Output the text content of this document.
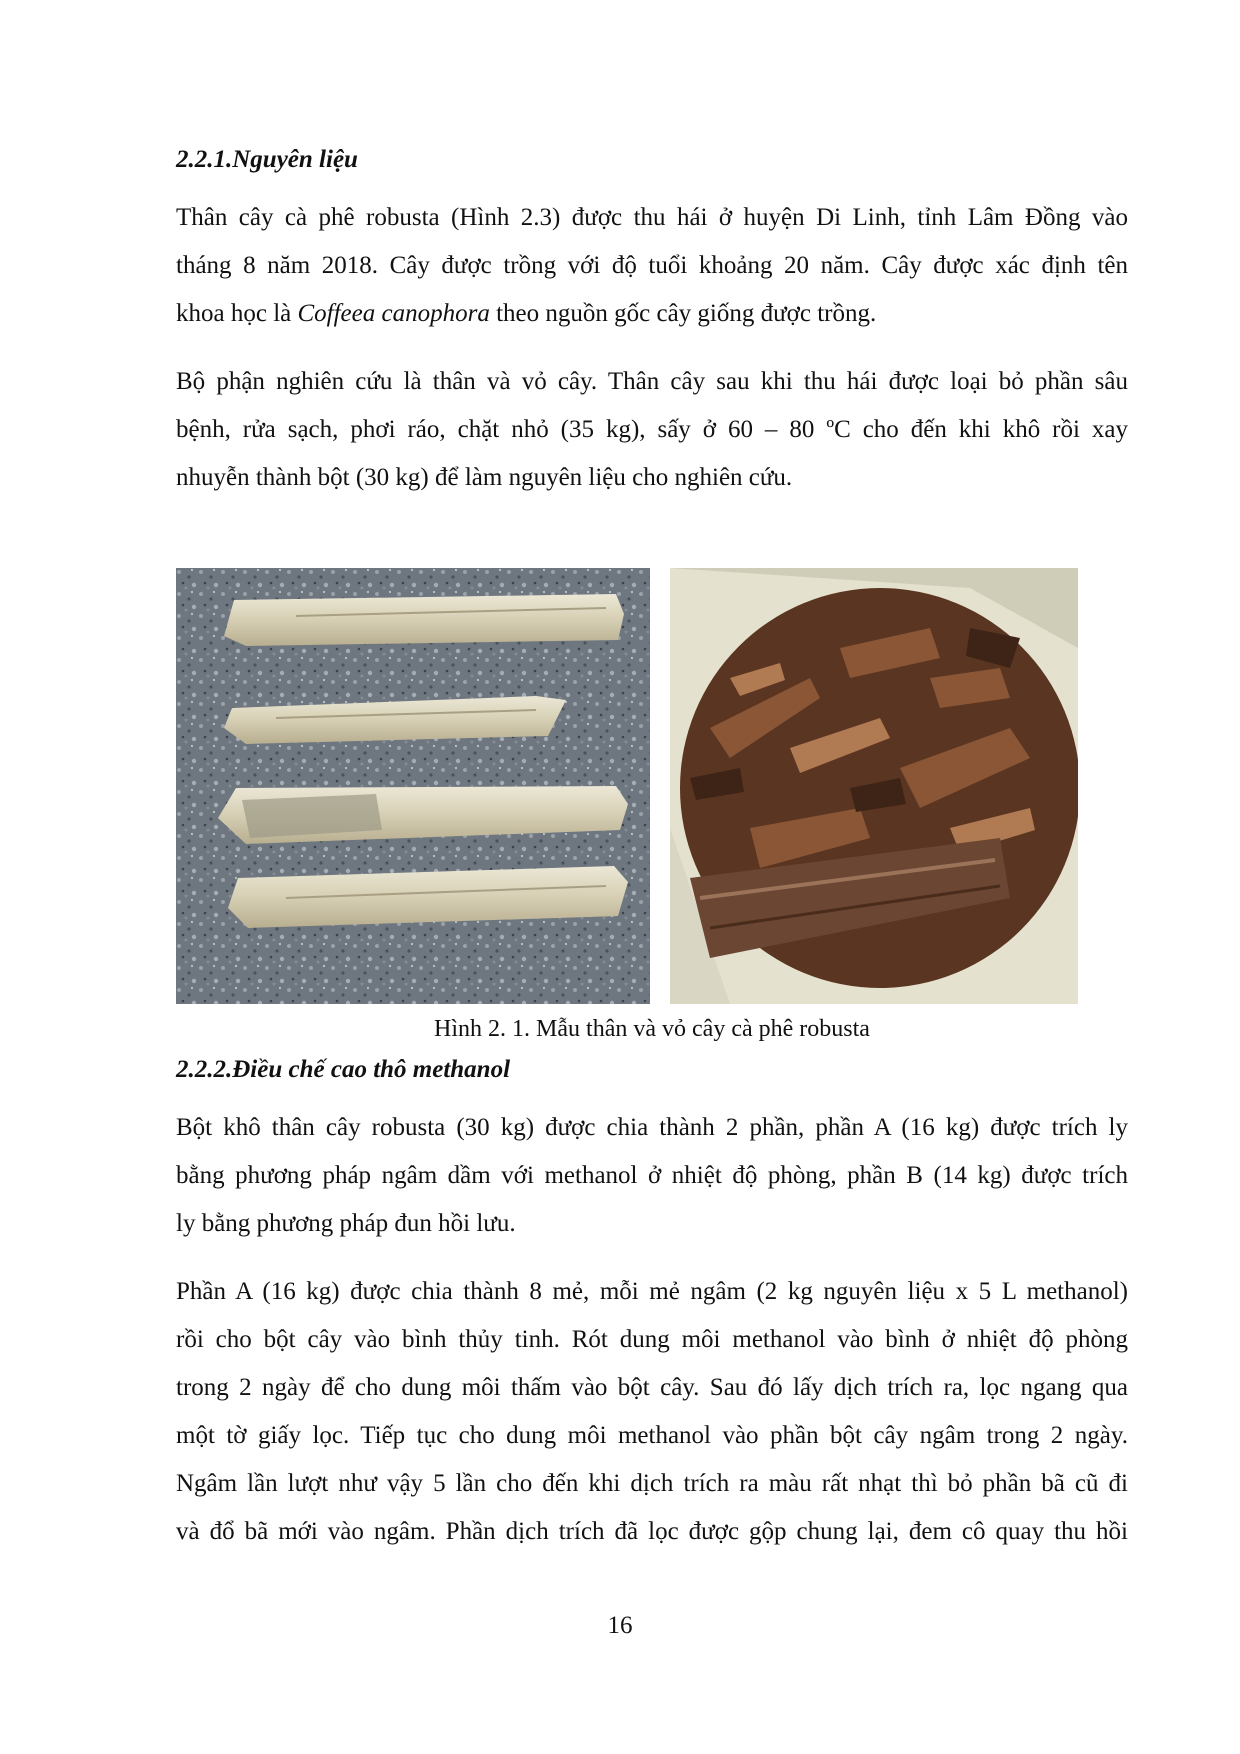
2.2.1.Nguyên liệu

Thân cây cà phê robusta (Hình 2.3) được thu hái ở huyện Di Linh, tỉnh Lâm Đồng vào
tháng 8 năm 2018. Cây được trồng với độ tuổi khoảng 20 năm. Cây được xác định tên
khoa học là Coffeea canophora theo nguồn gốc cây giống được trồng.

Bộ phận nghiên cứu là thân và vỏ cây. Thân cây sau khi thu hái được loại bỏ phần sâu
bệnh, rửa sạch, phơi ráo, chặt nhỏ (35 kg), sấy ở 60 – 80 ºC cho đến khi khô rồi xay
nhuyễn thành bột (30 kg) để làm nguyên liệu cho nghiên cứu.

Hình 2. 1. Mẫu thân và vỏ cây cà phê robusta

2.2.2.Điều chế cao thô methanol

Bột khô thân cây robusta (30 kg) được chia thành 2 phần, phần A (16 kg) được trích ly
bằng phương pháp ngâm dầm với methanol ở nhiệt độ phòng, phần B (14 kg) được trích
ly bằng phương pháp đun hồi lưu.

Phần A (16 kg) được chia thành 8 mẻ, mỗi mẻ ngâm (2 kg nguyên liệu x 5 L methanol)
rồi cho bột cây vào bình thủy tinh. Rót dung môi methanol vào bình ở nhiệt độ phòng
trong 2 ngày để cho dung môi thấm vào bột cây. Sau đó lấy dịch trích ra, lọc ngang qua
một tờ giấy lọc. Tiếp tục cho dung môi methanol vào phần bột cây ngâm trong 2 ngày.
Ngâm lần lượt như vậy 5 lần cho đến khi dịch trích ra màu rất nhạt thì bỏ phần bã cũ đi
và đổ bã mới vào ngâm. Phần dịch trích đã lọc được gộp chung lại, đem cô quay thu hồi

16
